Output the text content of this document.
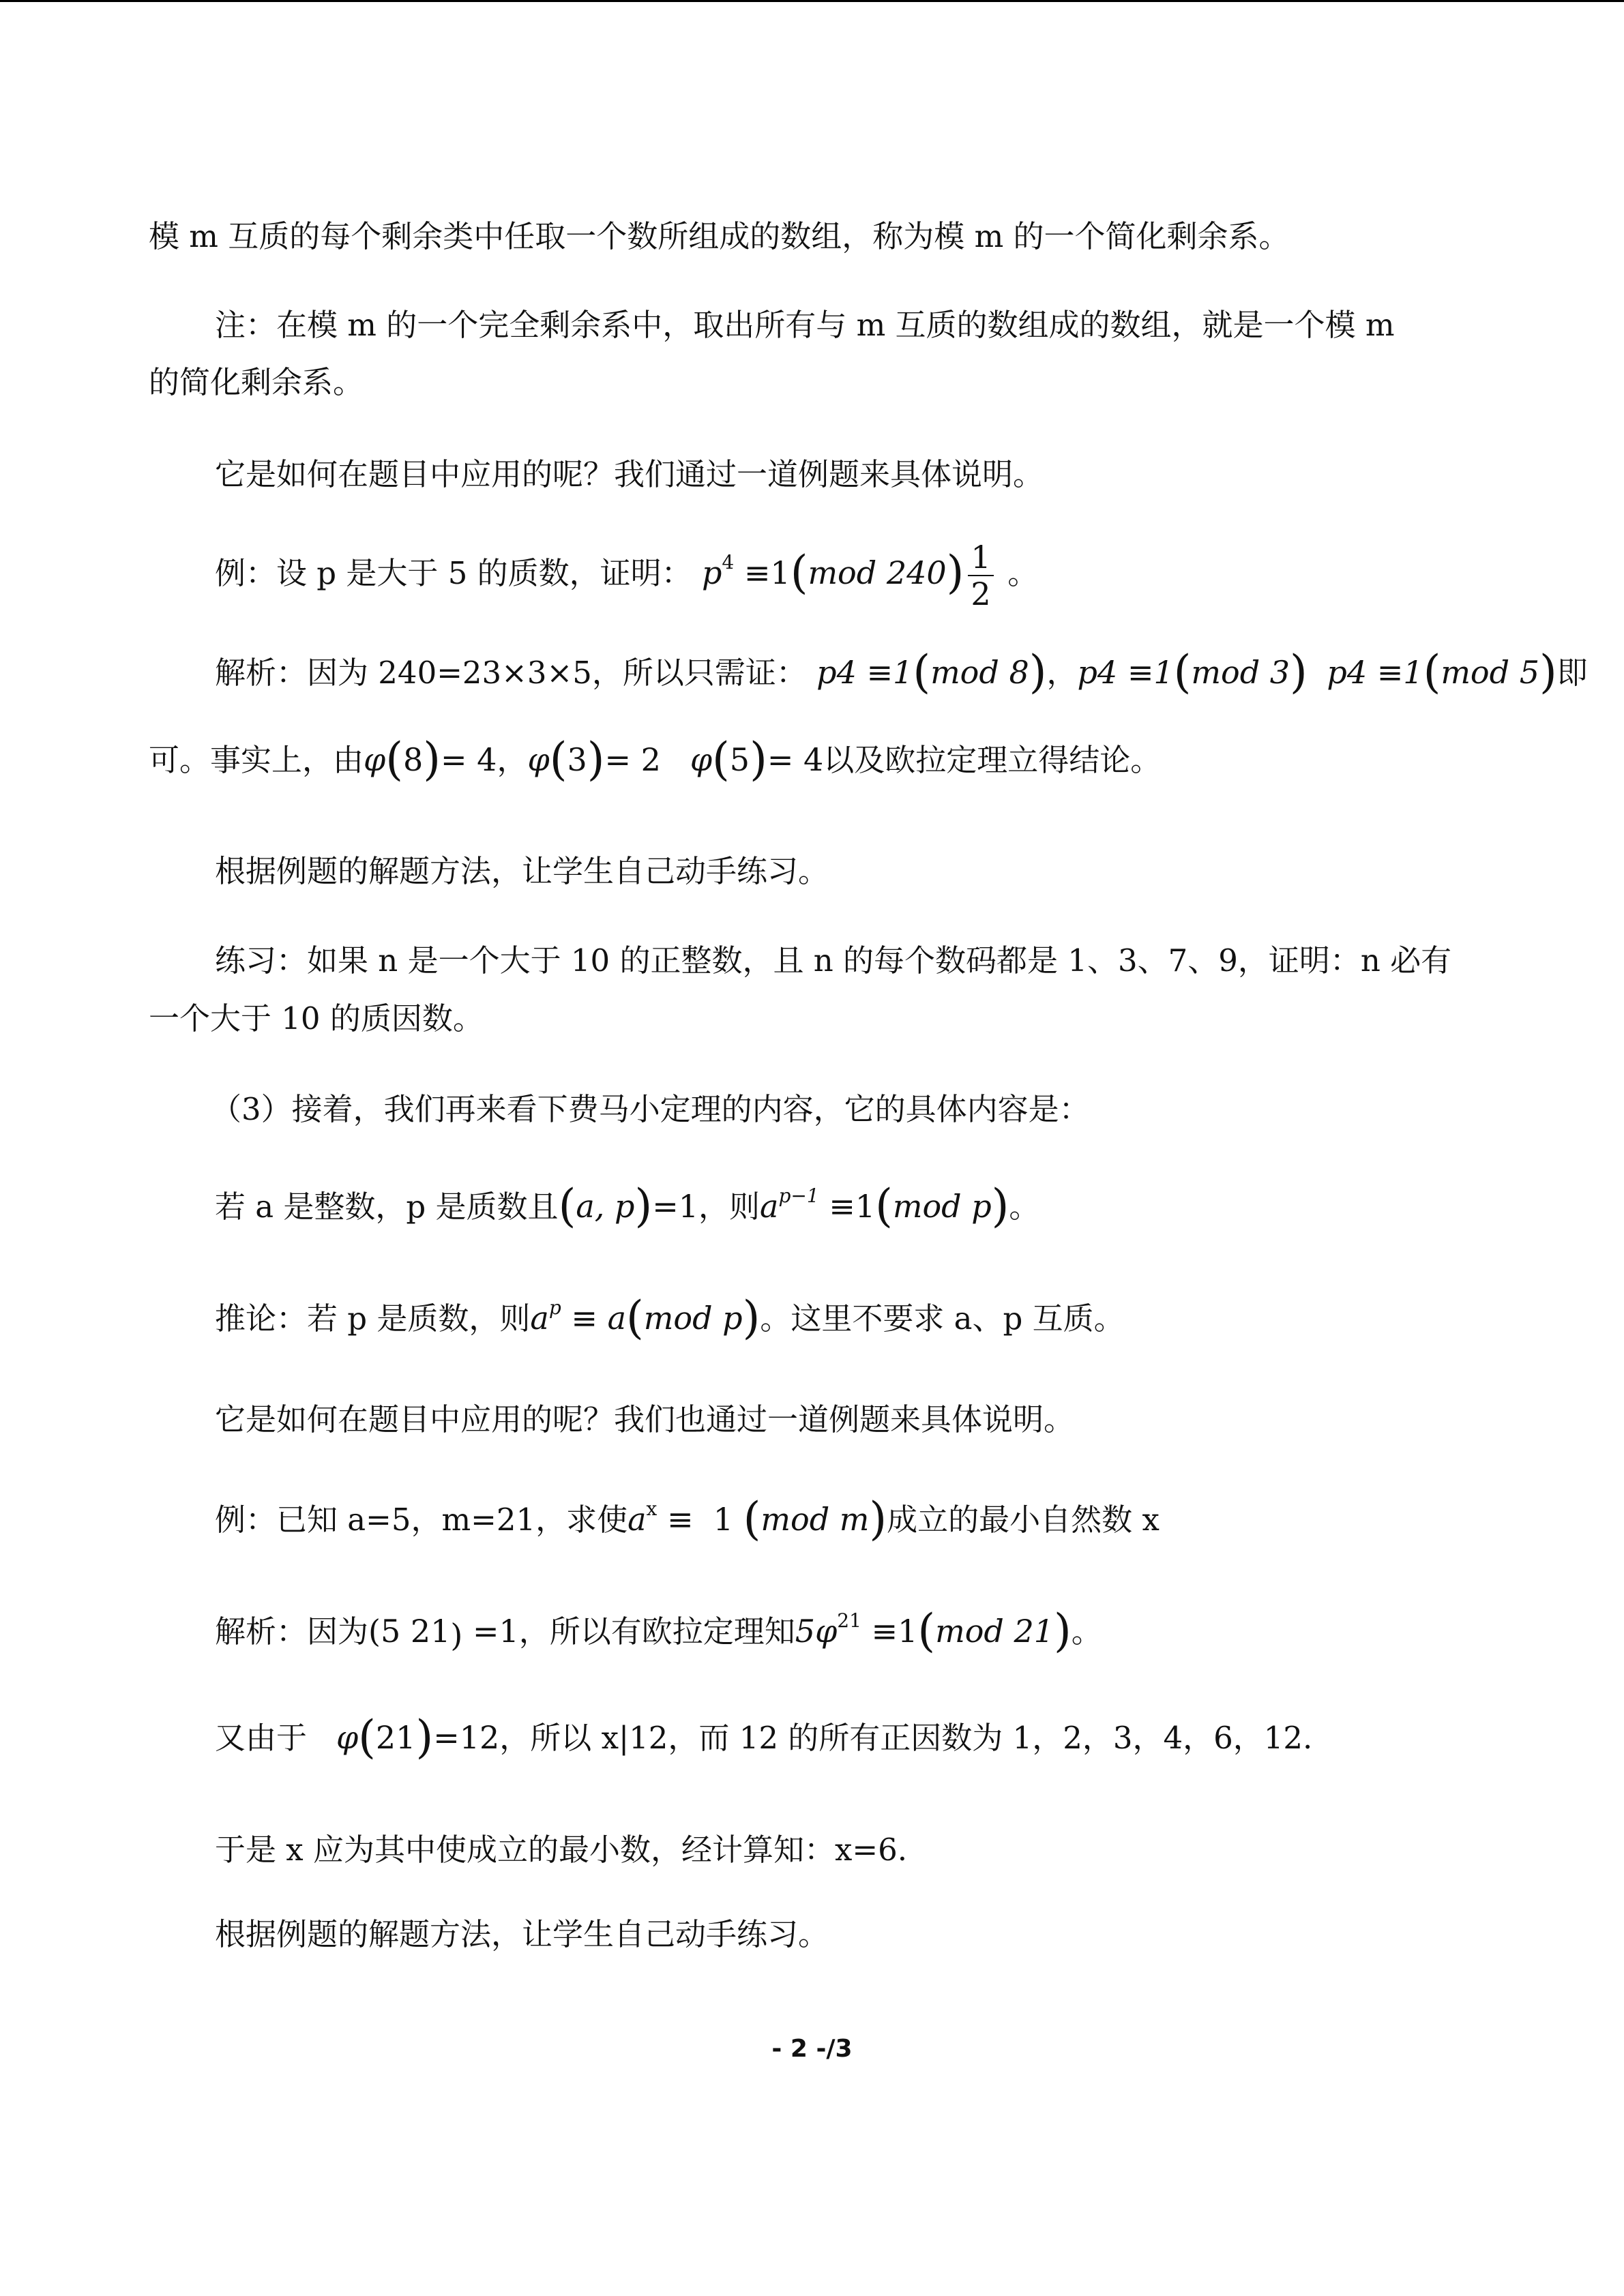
模 m 互质的每个剩余类中任取一个数所组成的数组，称为模 m 的一个简化剩余系。

注：在模 m 的一个完全剩余系中，取出所有与 m 互质的数组成的数组，就是一个模 m

的简化剩余系。

它是如何在题目中应用的呢？我们通过一道例题来具体说明。

例：设 p 是大于 5 的质数，证明： $p^4 \equiv 1(mod$ $240) \frac{1}{2}$ 。

解析：因为 240=23×3×5，所以只需证： p4 ≡1(mod 8)，p4 ≡1(mod 3) p4 ≡1(mod 5)即

可。事实上，由φ(8)= 4，φ(3)= 2 φ(5)= 4以及欧拉定理立得结论。

根据例题的解题方法，让学生自己动手练习。

练习：如果 n 是一个大于 10 的正整数，且 n 的每个数码都是 1、3、7、9，证明：n 必有

一个大于 10 的质因数。

（3）接着，我们再来看下费马小定理的内容，它的具体内容是：

若 a 是整数，p 是质数且(a, p)=1，则$a^{p-1} \equiv 1(mod$ p)。

推论：若 p 是质数，则$a^p \equiv a(mod$ p)。这里不要求 a、p 互质。

它是如何在题目中应用的呢？我们也通过一道例题来具体说明。

例：已知 a=5，m=21，求使$a^x \equiv 1$ (mod m)成立的最小自然数 x

解析：因为(5 21) =1，所以有欧拉定理知$5\varphi^{21} \equiv 1(mod$ 21)。

又由于 φ(21)=12，所以 x|12，而 12 的所有正因数为 1，2，3，4，6，12.

于是 x 应为其中使成立的最小数，经计算知：x=6.

根据例题的解题方法，让学生自己动手练习。

- 2 -/3
